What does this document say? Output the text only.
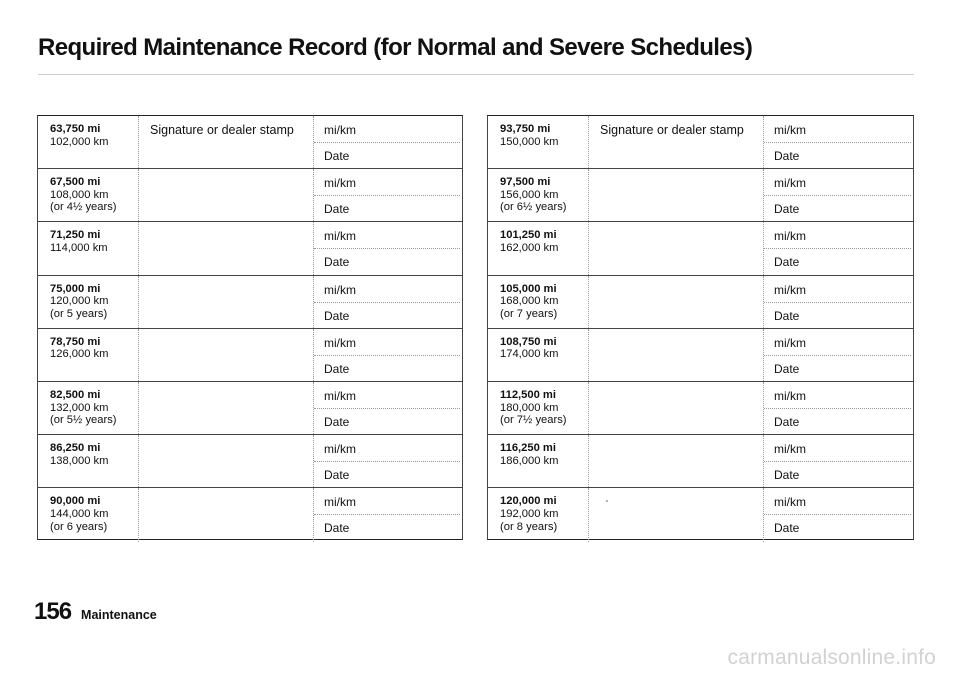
Required Maintenance Record (for Normal and Severe Schedules)
63,750 mi
102,000 km
Signature or dealer stamp	mi/km
Date
67,500 mi
108,000 km
(or 4½ years)
mi/km
Date
71,250 mi
114,000 km
mi/km
Date
75,000 mi
120,000 km
(or 5 years)
mi/km
Date
78,750 mi
126,000 km
mi/km
Date
82,500 mi
132,000 km
(or 5½ years)
mi/km
Date
86,250 mi
138,000 km
mi/km
Date
90,000 mi
144,000 km
(or 6 years)
mi/km
Date
93,750 mi
150,000 km
Signature or dealer stamp	mi/km
Date
97,500 mi
156,000 km
(or 6½ years)
mi/km
Date
101,250 mi
162,000 km
mi/km
Date
105,000 mi
168,000 km
(or 7 years)
mi/km
Date
108,750 mi
174,000 km
mi/km
Date
112,500 mi
180,000 km
(or 7½ years)
mi/km
Date
116,250 mi
186,000 km
mi/km
Date
120,000 mi
192,000 km
(or 8 years)
mi/km
Date
156 Maintenance
carmanualsonline.info
